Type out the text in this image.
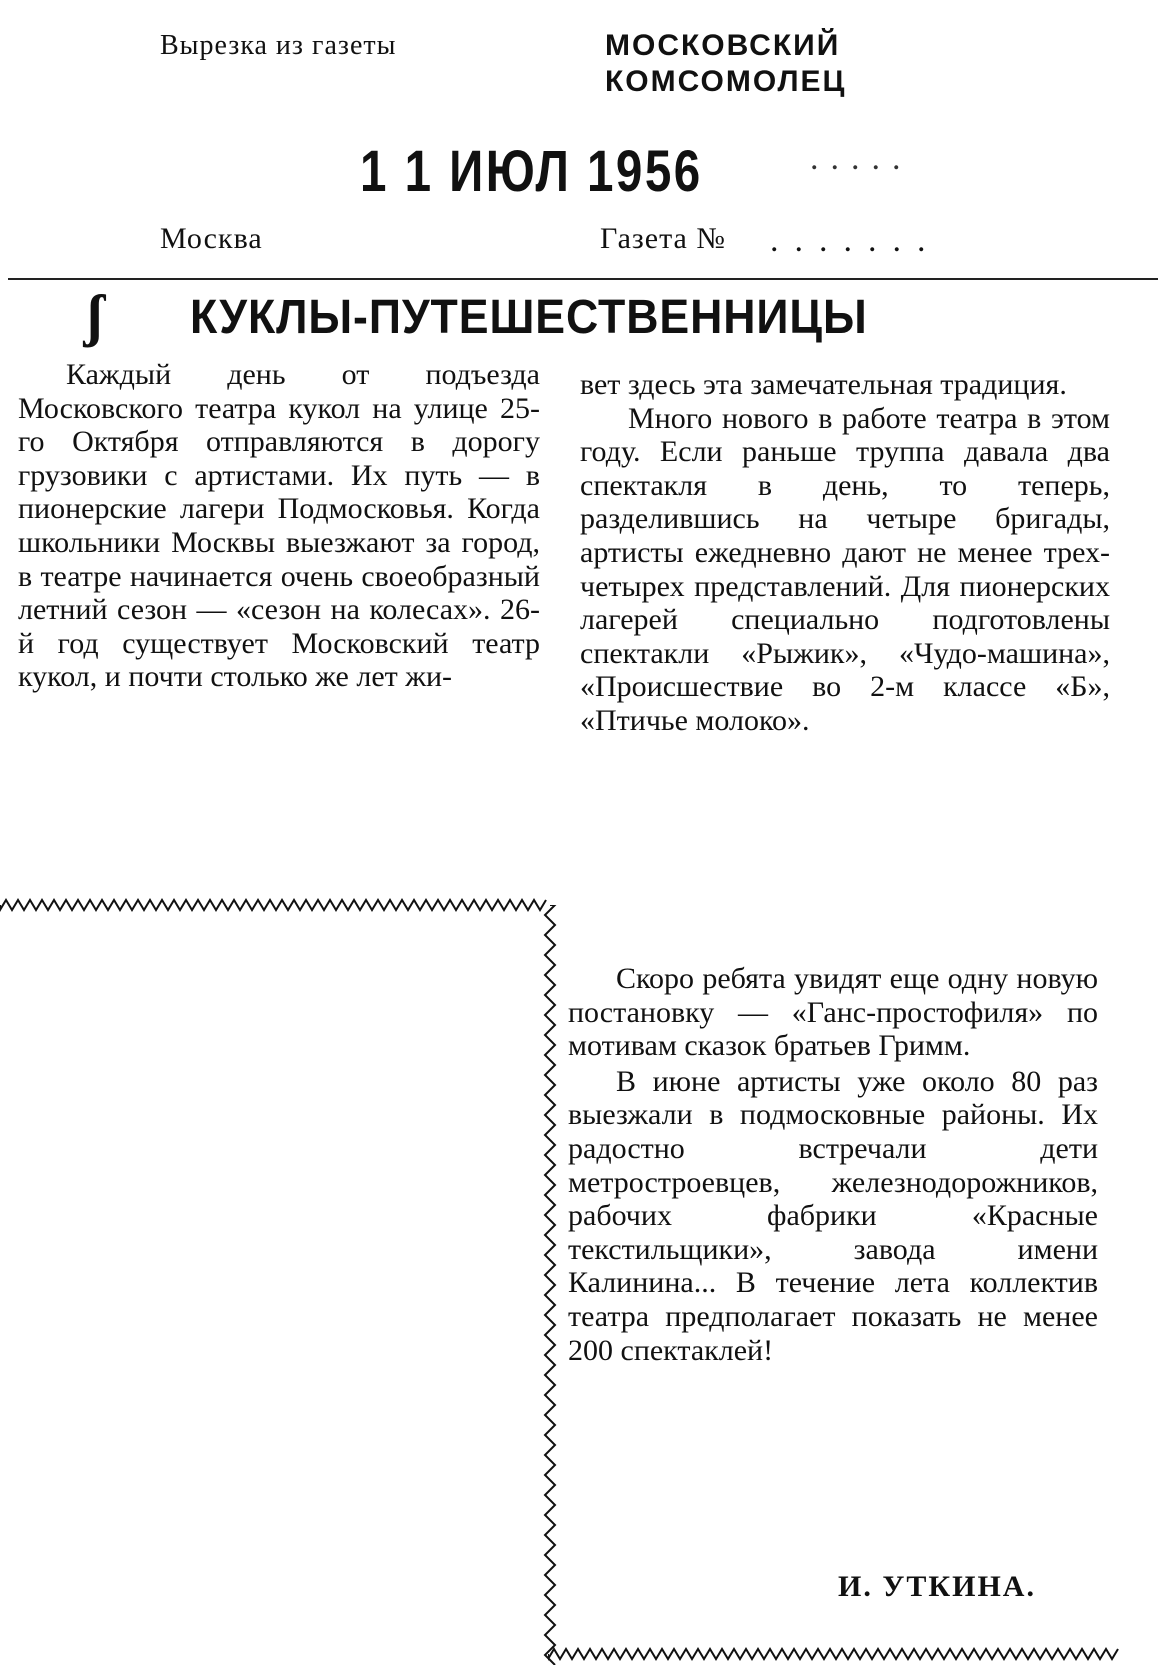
Вырезка из газеты	МОСКОВСКИЙ
КОМСОМОЛЕЦ
1 1 ИЮЛ 1956	.....
Москва	Газета № .......
ʃ КУКЛЫ-ПУТЕШЕСТВЕННИЦЫ

Каждый день от подъезда Московского театра кукол на улице 25-го Октября отправляются в дорогу грузовики с артистами. Их путь — в пионерские лагери Подмосковья. Когда школьники Москвы выезжают за город, в театре начинается очень своеобразный летний сезон — «сезон на колесах». 26-й год существует Московский театр кукол, и почти столько же лет жи-

вет здесь эта замечательная традиция.

Много нового в работе театра в этом году. Если раньше труппа давала два спектакля в день, то теперь, разделившись на четыре бригады, артисты ежедневно дают не менее трех-четырех представлений. Для пионерских лагерей специально подготовлены спектакли «Рыжик», «Чудо-машина», «Происшествие во 2-м классе «Б», «Птичье молоко».

Скоро ребята увидят еще одну новую постановку — «Ганс-простофиля» по мотивам сказок братьев Гримм.

В июне артисты уже около 80 раз выезжали в подмосковные районы. Их радостно встречали дети метростроевцев, железнодорожников, рабочих фабрики «Красные текстильщики», завода имени Калинина... В течение лета коллектив театра предполагает показать не менее 200 спектаклей!

И. УТКИНА.
